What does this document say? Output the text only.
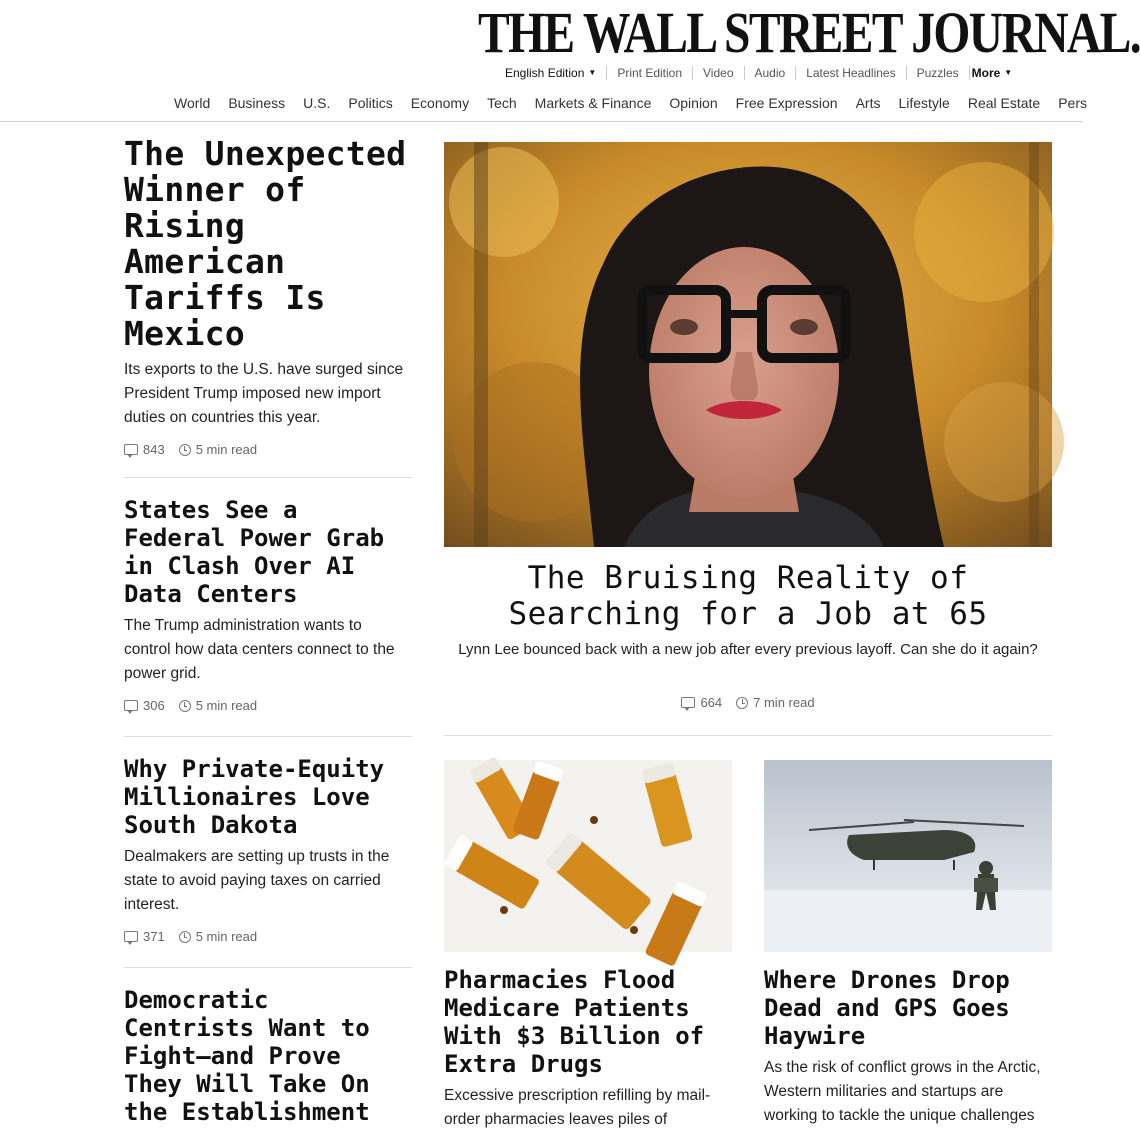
THE WALL STREET JOURNAL.
English Edition ▼	Print Edition	Video	Audio	Latest Headlines	Puzzles	More ▼
World	Business	U.S.	Politics	Economy	Tech	Markets & Finance	Opinion	Free Expression	Arts	Lifestyle	Real Estate	Pers
The Unexpected Winner of Rising American Tariffs Is Mexico
Its exports to the U.S. have surged since President Trump imposed new import duties on countries this year.
843 5 min read
States See a Federal Power Grab in Clash Over AI Data Centers
The Trump administration wants to control how data centers connect to the power grid.
306 5 min read
Why Private-Equity Millionaires Love South Dakota
Dealmakers are setting up trusts in the state to avoid paying taxes on carried interest.
371 5 min read
Democratic Centrists Want to Fight—and Prove They Will Take On the Establishment
The Bruising Reality of Searching for a Job at 65
Lynn Lee bounced back with a new job after every previous layoff. Can she do it again?
664 7 min read
Pharmacies Flood Medicare Patients With $3 Billion of Extra Drugs
Excessive prescription refilling by mail-order pharmacies leaves piles of
Where Drones Drop Dead and GPS Goes Haywire
As the risk of conflict grows in the Arctic, Western militaries and startups are working to tackle the unique challenges
